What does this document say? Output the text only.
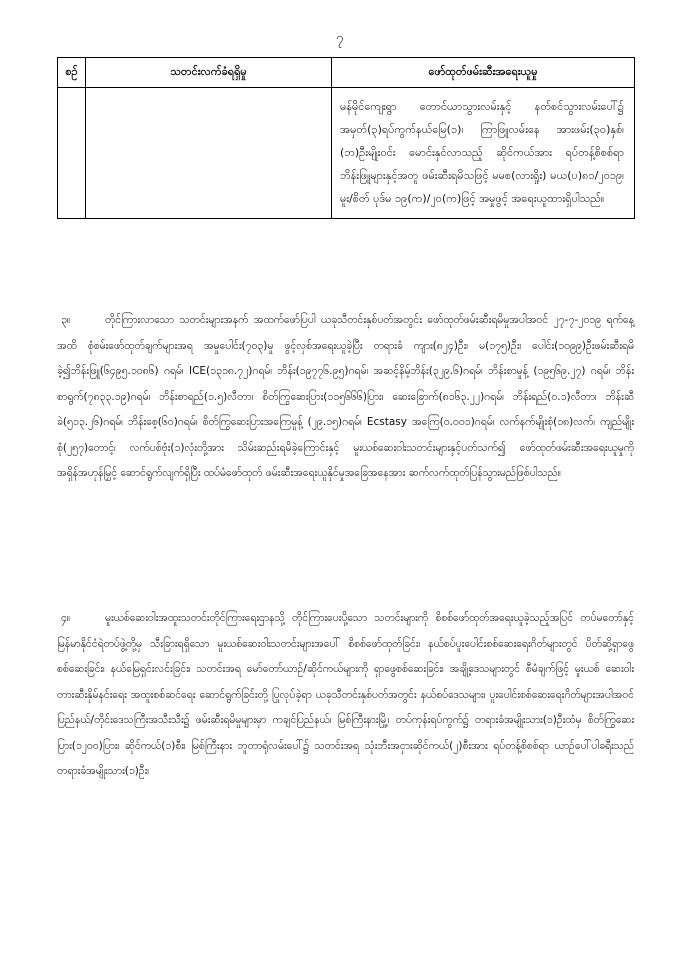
၇
စဉ်	သတင်းလက်ခံရရှိမှု	ဖော်ထုတ်ဖမ်းဆီးအရေးယူမှု
		မန်မိုင်ကျေးရွာ တောင်ယာသွားလမ်းနှင့် နတ်စင်သွားလမ်းပေါ်၌ အမှတ်(၃)ရပ်ကွက်နယ်မြေ(၁)၊ ကြာဖြူလမ်းနေ အားဖမ်း(၃၀)နှစ်၊ (ဘ)ဦးမျိုးဝင်း မောင်းနှင်လာသည့် ဆိုင်ကယ်အား ရပ်တန့်စိစစ်ရာ ဘိန်းဖြူများနှင့်အတူ ဖမ်းဆီးရမိသဖြင့် မမစ(လားရှိုး) မယ(ပ)၈၁/၂၀၁၉၊ မူး/စိတ် ပုဒ်မ ၁၉(က)/၂၀(က)ဖြင့် အမှုဖွင့် အရေးယူထားရှိပါသည်။
၃။	တိုင်ကြားလာသော သတင်းများအနက် အထက်ဖော်ပြပါ ယခုသီတင်းနှစ်ပတ်အတွင်း ဖော်ထုတ်ဖမ်းဆီးရမိမှုအပါအဝင် ၂၇-၇-၂၀၁၉ ရက်နေ့အထိ စုံစမ်းဖော်ထုတ်ချက်များအရ အမှုပေါင်း(၇၀၃)မှု ဖွင့်လှစ်အရေးယူခဲ့ပြီး တရားခံ ကျား(၈၂၄)ဦး၊ မ(၁၇၅)ဦး၊ ပေါင်း(၁၀၉၉)ဦးဖမ်းဆီးရမိခဲ့၍ဘိန်းဖြူ(၆၄၉၅.၁၀၈၆) ဂရမ်၊ ICE(၁၃၁၈.၇၂)ဂရမ်၊ ဘိန်း(၁၉၇၇၆.၉၅)ဂရမ်၊ အဆင့်နိမ့်ဘိန်း(၃၂၉.၆)ဂရမ်၊ ဘိန်းစာမှုန့် (၁၉၅၆၉.၂၇) ဂရမ်၊ ဘိန်းစာရွက်(၇၈၃၃.၁၉)ဂရမ်၊ ဘိန်းစာရည်(၁.၅)လီတာ၊ စိတ်ကြွဆေးပြား(၁၁၅၆၆၆)ပြား၊ ဆေးခြောက်(၈၁၆၃.၂၂)ဂရမ်၊ ဘိန်းရည်(၀.၁)လီတာ၊ ဘိန်းဆီခဲ(၅၁၃.၂၆)ဂရမ်၊ ဘိန်းစေ့(၆၀)ဂရမ်၊ စိတ်ကြွဆေးပြားအကြေမှုန့် (၂၉.၁၅)ဂရမ်၊ Ecstasy အကြေ(၀.၀၀၁)ဂရမ်၊ လက်နက်မျိုးစုံ(၁၈)လက်၊ ကျည်မျိုးစုံ(၂၅၇)တောင့်၊ လက်ပစ်ဗုံး(၁)လုံးတို့အား သိမ်းဆည်းရမိခဲ့ကြောင်းနှင့် မူးယစ်ဆေးဝါးသတင်းများနှင့်ပတ်သက်၍ ဖော်ထုတ်ဖမ်းဆီးအရေးယူမှုကို အရှိန်အဟုန်မြှင့် ဆောင်ရွက်လျက်ရှိပြီး ထပ်မံဖော်ထုတ် ဖမ်းဆီးအရေးယူနိုင်မှုအခြေအနေအား ဆက်လက်ထုတ်ပြန်သွားမည်ဖြစ်ပါသည်။
၄။	မူးယစ်ဆေးဝါးအထူးသတင်းတိုင်ကြားရေးဌာနသို့ တိုင်ကြားပေးပို့သော သတင်းများကို စိစစ်ဖော်ထုတ်အရေးယူခဲ့သည့်အပြင် တပ်မတော်နှင့် မြန်မာနိုင်ငံရဲတပ်ဖွဲ့တို့မှ သီးခြားရရှိသော မူးယစ်ဆေးဝါးသတင်းများအပေါ် စိစစ်ဖော်ထုတ်ခြင်း၊ နယ်စပ်ပူးပေါင်းစစ်ဆေးရေးဂိတ်များတွင် ပိတ်ဆို့ရှာဖွေစစ်ဆေးခြင်း၊ နယ်မြေရှင်းလင်းခြင်း၊ သတင်းအရ မော်တော်ယာဉ်/ဆိုင်ကယ်များကို ရှာဖွေစစ်ဆေးခြင်း၊ အချို့ဒေသများတွင် စီမံချက်ဖြင့် မူးယစ် ဆေးဝါးတားဆီးနှိမ်နင်းရေး အထူးစစ်ဆင်ရေး ဆောင်ရွက်ခြင်းတို့ ပြုလုပ်ခဲ့ရာ ယခုသီတင်းနှစ်ပတ်အတွင်း နယ်စပ်ဒေသများ၊ ပူးပေါင်းစစ်ဆေးရေးဂိတ်များအပါအဝင် ပြည်နယ်/တိုင်းဒေသကြီးအသီးသီး၌ ဖမ်းဆီးရမိမှုများမှာ ကချင်ပြည်နယ်၊ မြစ်ကြီးနားမြို့၊ တပ်ကုန်းရပ်ကွက်၌ တရားခံအမျိုးသား(၁)ဦးထံမှ စိတ်ကြွဆေးပြား(၁၂၀၀)ပြား၊ ဆိုင်ကယ်(၁)စီး၊ မြစ်ကြီးနား ဘူတာရုံလမ်းပေါ်၌ သတင်းအရ သုံးဘီးအငှားဆိုင်ကယ်(၂)စီးအား ရပ်တန့်စိစစ်ရာ ယာဉ်ပေါ်ပါခရီးသည် တရားခံအမျိုးသား(၁)ဦး၊
